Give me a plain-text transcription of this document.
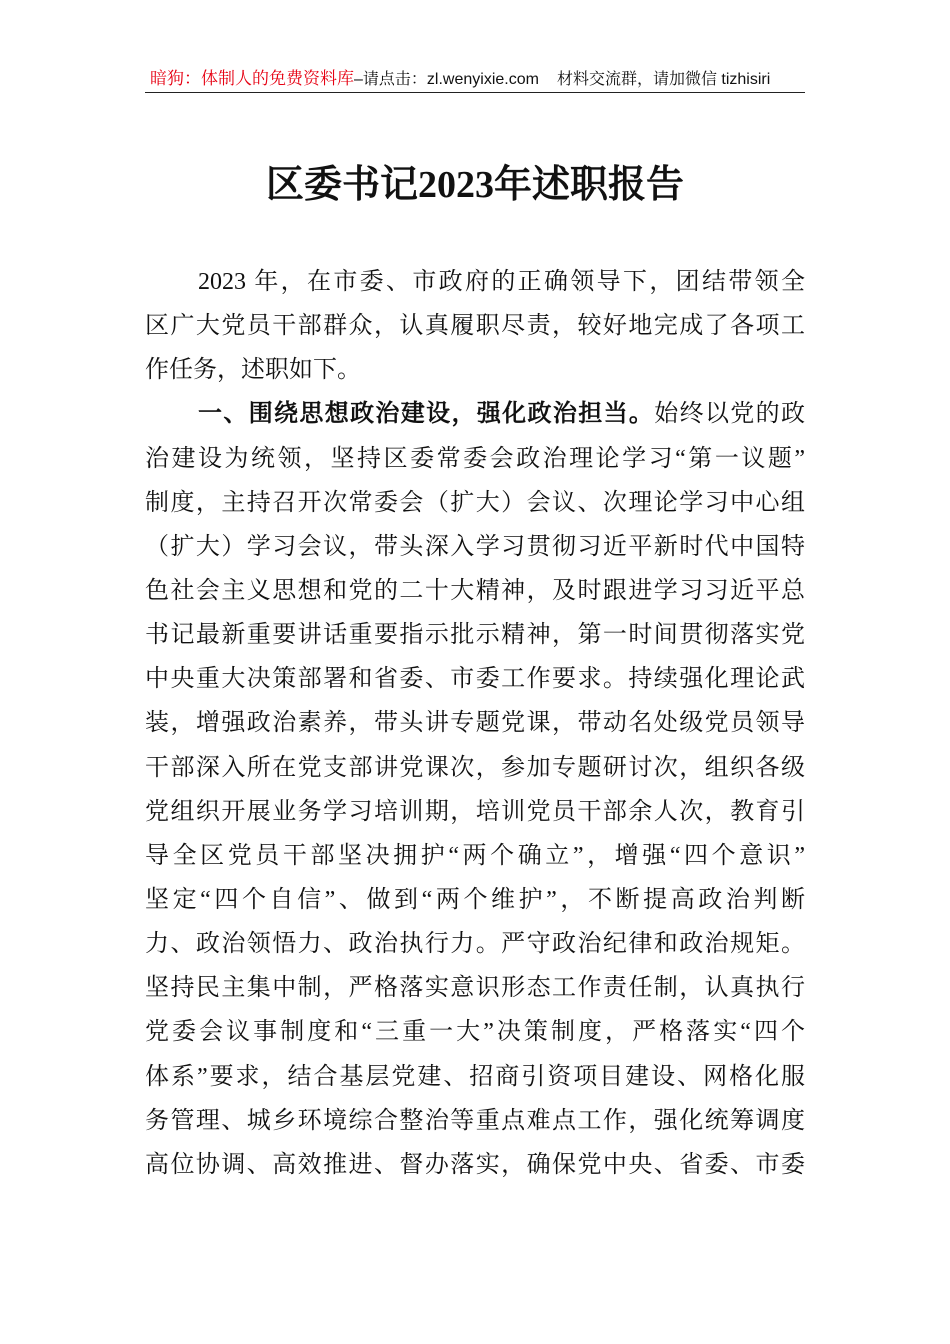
暗狗：体制人的免费资料库–请点击：zl.wenyixie.com 材料交流群，请加微信 tizhisiri
区委书记2023年述职报告
2023 年，在市委、市政府的正确领导下，团结带领全
区广大党员干部群众，认真履职尽责，较好地完成了各项工
作任务，述职如下。
一、围绕思想政治建设，强化政治担当。始终以党的政
治建设为统领，坚持区委常委会政治理论学习“第一议题”
制度，主持召开次常委会（扩大）会议、次理论学习中心组
（扩大）学习会议，带头深入学习贯彻习近平新时代中国特
色社会主义思想和党的二十大精神，及时跟进学习习近平总
书记最新重要讲话重要指示批示精神，第一时间贯彻落实党
中央重大决策部署和省委、市委工作要求。持续强化理论武
装，增强政治素养，带头讲专题党课，带动名处级党员领导
干部深入所在党支部讲党课次，参加专题研讨次，组织各级
党组织开展业务学习培训期，培训党员干部余人次，教育引
导全区党员干部坚决拥护“两个确立”，增强“四个意识”
坚定“四个自信”、做到“两个维护”，不断提高政治判断
力、政治领悟力、政治执行力。严守政治纪律和政治规矩。
坚持民主集中制，严格落实意识形态工作责任制，认真执行
党委会议事制度和“三重一大”决策制度，严格落实“四个
体系”要求，结合基层党建、招商引资项目建设、网格化服
务管理、城乡环境综合整治等重点难点工作，强化统筹调度
高位协调、高效推进、督办落实，确保党中央、省委、市委
